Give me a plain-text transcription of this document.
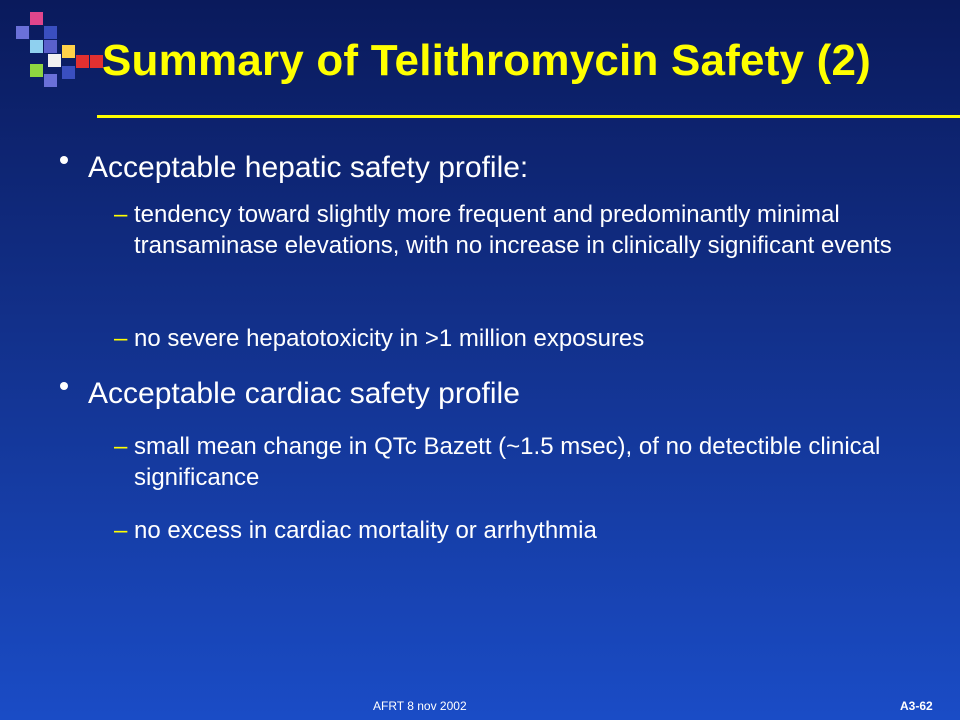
Summary of Telithromycin Safety (2)
Acceptable hepatic safety profile:
– tendency toward slightly more frequent and predominantly minimal transaminase elevations, with no increase in clinically significant events
– no severe hepatotoxicity in >1 million exposures
Acceptable cardiac safety profile
– small mean change in QTc Bazett (~1.5 msec), of no detectible clinical significance
– no excess in cardiac mortality or arrhythmia
AFRT 8 nov 2002	A3-62
